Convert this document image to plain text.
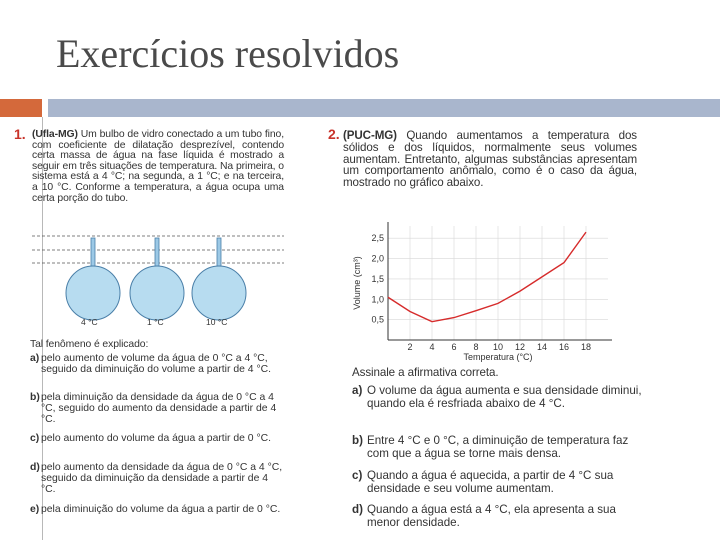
Exercícios resolvidos
1. (Ufla-MG) Um bulbo de vidro conectado a um tubo fino, com coeficiente de dilatação desprezível, contendo certa massa de água na fase líquida é mostrado a seguir em três situações de temperatura. Na primeira, o sistema está a 4 °C; na segunda, a 1 °C; e na terceira, a 10 °C. Conforme a temperatura, a água ocupa uma certa porção do tubo.
4 °C	1 °C	10 °C
Tal fenômeno é explicado:
a) pelo aumento de volume da água de 0 °C a 4 °C, seguido da diminuição do volume a partir de 4 °C.
b) pela diminuição da densidade da água de 0 °C a 4 °C, seguido do aumento da densidade a partir de 4 °C.
c) pelo aumento do volume da água a partir de 0 °C.
d) pelo aumento da densidade da água de 0 °C a 4 °C, seguido da diminuição da densidade a partir de 4 °C.
e) pela diminuição do volume da água a partir de 0 °C.
2. (PUC-MG) Quando aumentamos a temperatura dos sólidos e dos líquidos, normalmente seus volumes aumentam. Entretanto, algumas substâncias apresentam um comportamento anômalo, como é o caso da água, mostrado no gráfico abaixo.
2 4 6 8 10 12 14 16 18
0,5
1,0
1,5
2,0
2,5
Temperatura (°C)
Volume (cm³)
Assinale a afirmativa correta.
a) O volume da água aumenta e sua densidade diminui, quando ela é resfriada abaixo de 4 °C.
b) Entre 4 °C e 0 °C, a diminuição de temperatura faz com que a água se torne mais densa.
c) Quando a água é aquecida, a partir de 4 °C sua densidade e seu volume aumentam.
d) Quando a água está a 4 °C, ela apresenta a sua menor densidade.
